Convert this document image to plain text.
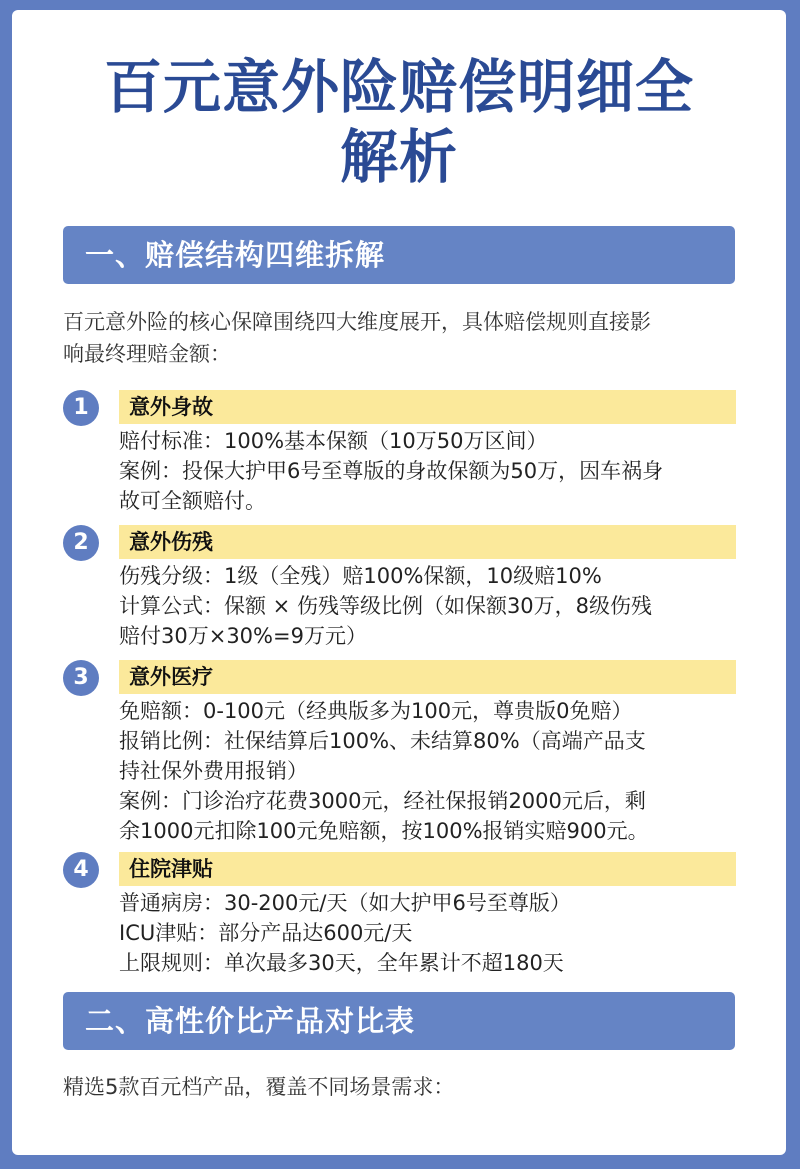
百元意外险赔偿明细全
解析
一、赔偿结构四维拆解
百元意外险的核心保障围绕四大维度展开，具体赔偿规则直接影
响最终理赔金额：
1	意外身故
赔付标准：100%基本保额（10万50万区间）
案例：投保大护甲6号至尊版的身故保额为50万，因车祸身
故可全额赔付。
2	意外伤残
伤残分级：1级（全残）赔100%保额，10级赔10%
计算公式：保额 × 伤残等级比例（如保额30万，8级伤残
赔付30万×30%=9万元）
3	意外医疗
免赔额：0-100元（经典版多为100元，尊贵版0免赔）
报销比例：社保结算后100%、未结算80%（高端产品支
持社保外费用报销）
案例：门诊治疗花费3000元，经社保报销2000元后，剩
余1000元扣除100元免赔额，按100%报销实赔900元。
4	住院津贴
普通病房：30-200元/天（如大护甲6号至尊版）
ICU津贴：部分产品达600元/天
上限规则：单次最多30天，全年累计不超180天
二、高性价比产品对比表
精选5款百元档产品，覆盖不同场景需求：
